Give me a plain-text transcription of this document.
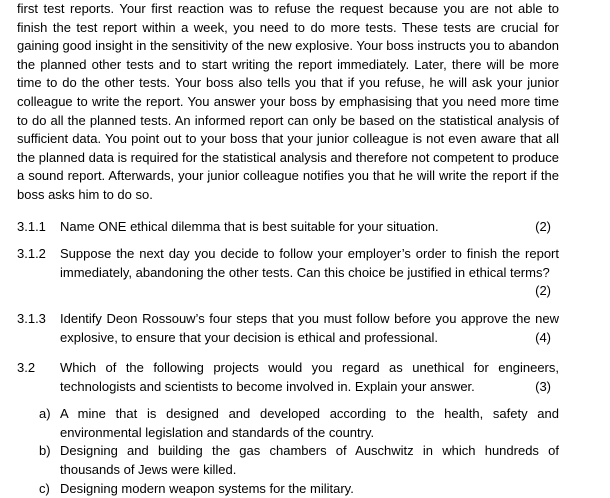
first test reports. Your first reaction was to refuse the request because you are not able to finish the test report within a week, you need to do more tests. These tests are crucial for gaining good insight in the sensitivity of the new explosive. Your boss instructs you to abandon the planned other tests and to start writing the report immediately. Later, there will be more time to do the other tests. Your boss also tells you that if you refuse, he will ask your junior colleague to write the report. You answer your boss by emphasising that you need more time to do all the planned tests. An informed report can only be based on the statistical analysis of sufficient data. You point out to your boss that your junior colleague is not even aware that all the planned data is required for the statistical analysis and therefore not competent to produce a sound report. Afterwards, your junior colleague notifies you that he will write the report if the boss asks him to do so.

3.1.1 Name ONE ethical dilemma that is best suitable for your situation.	(2)
3.1.2 Suppose the next day you decide to follow your employer’s order to finish the report immediately, abandoning the other tests. Can this choice be justified in ethical terms?
(2)
3.1.3 Identify Deon Rossouw’s four steps that you must follow before you approve the new explosive, to ensure that your decision is ethical and professional.	(4)
3.2 Which of the following projects would you regard as unethical for engineers, technologists and scientists to become involved in. Explain your answer.	(3)
a) A mine that is designed and developed according to the health, safety and environmental legislation and standards of the country.
b) Designing and building the gas chambers of Auschwitz in which hundreds of thousands of Jews were killed.
c) Designing modern weapon systems for the military.
